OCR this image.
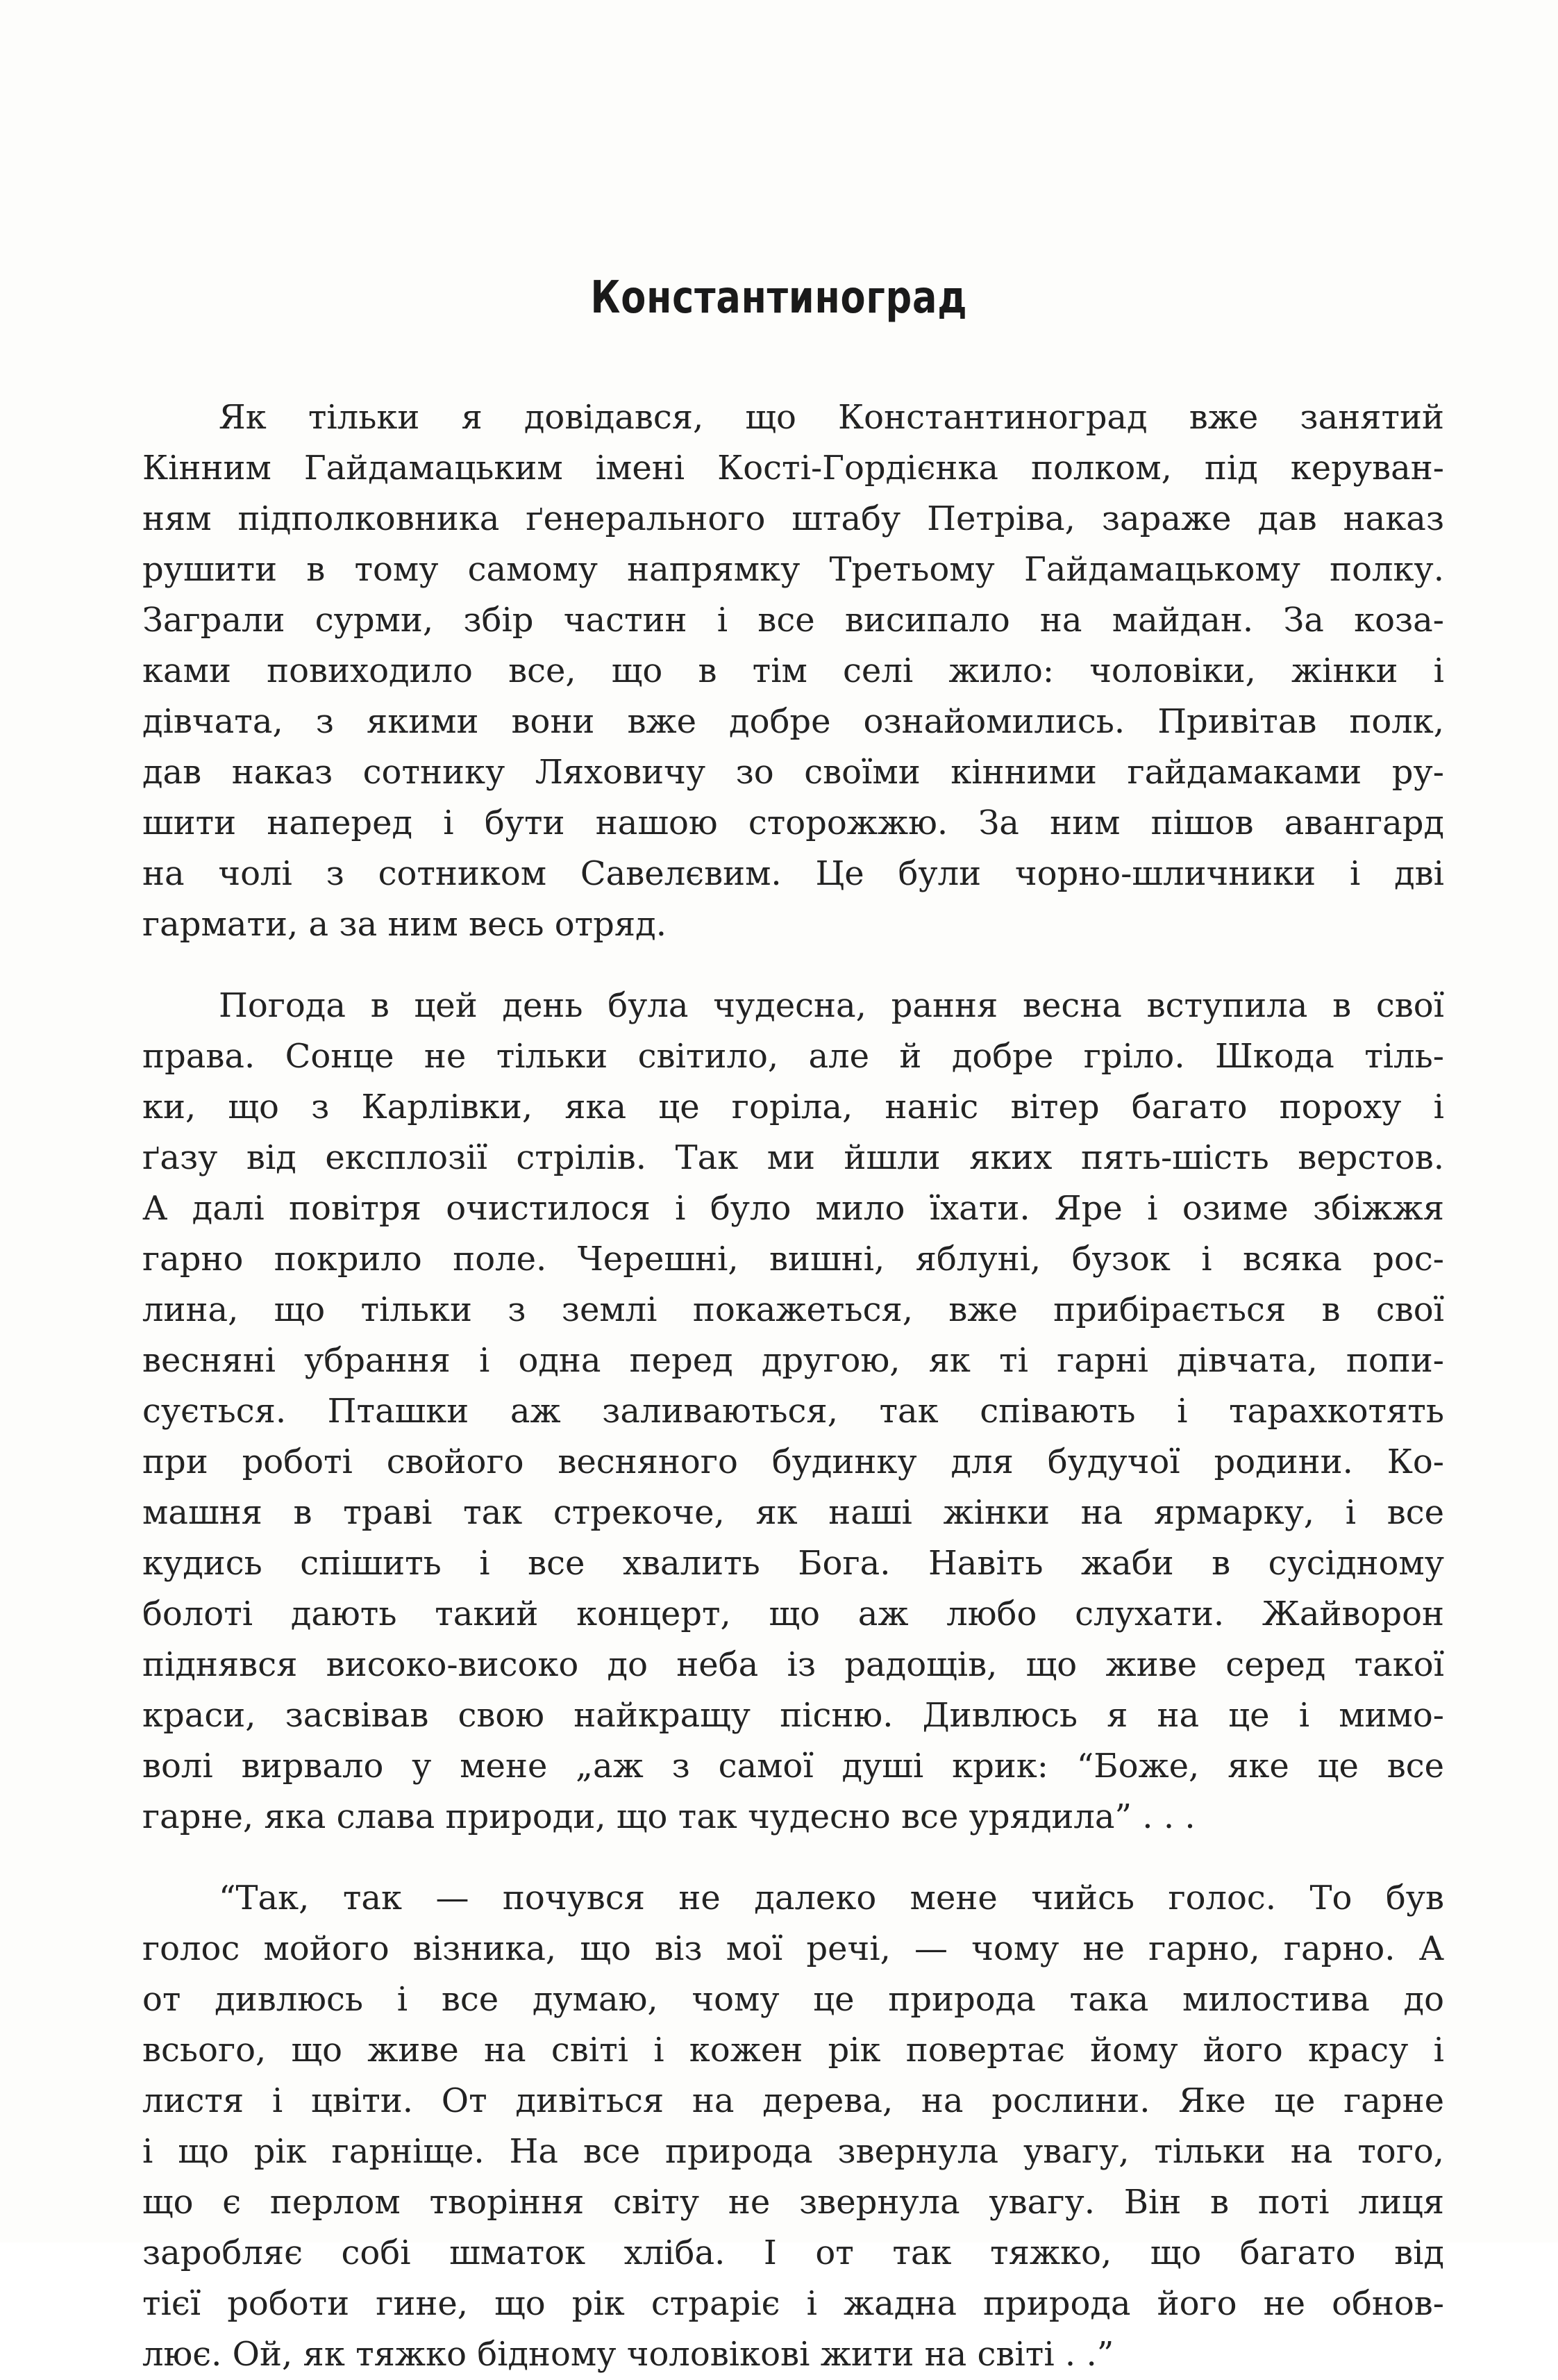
Константиноград
Як тільки я довідався, що Константиноград вже занятий
Кінним Гайдамацьким імені Кості-Гордієнка полком, під керуван-
ням підполковника ґенерального штабу Петріва, зараже дав наказ
рушити в тому самому напрямку Третьому Гайдамацькому полку.
Заграли сурми, збір частин і все висипало на майдан. За коза-
ками повиходило все, що в тім селі жило: чоловіки, жінки і
дівчата, з якими вони вже добре ознайомились. Привітав полк,
дав наказ сотнику Ляховичу зо своїми кінними гайдамаками ру-
шити наперед і бути нашою сторожжю. За ним пішов авангард
на чолі з сотником Савелєвим. Це були чорно-шличники і дві
гармати, а за ним весь отряд.
Погода в цей день була чудесна, рання весна вступила в свої
права. Сонце не тільки світило, але й добре гріло. Шкода тіль-
ки, що з Карлівки, яка це горіла, наніс вітер багато пороху і
ґазу від експлозії стрілів. Так ми йшли яких пять-шість верстов.
А далі повітря очистилося і було мило їхати. Яре і озиме збіжжя
гарно покрило поле. Черешні, вишні, яблуні, бузок і всяка рос-
лина, що тільки з землі покажеться, вже прибірається в свої
весняні убрання і одна перед другою, як ті гарні дівчата, попи-
сується. Пташки аж заливаються, так співають і тарахкотять
при роботі свойого весняного будинку для будучої родини. Ко-
машня в траві так стрекоче, як наші жінки на ярмарку, і все
кудись спішить і все хвалить Бога. Навіть жаби в сусідному
болоті дають такий концерт, що аж любо слухати. Жайворон
піднявся високо-високо до неба із радощів, що живе серед такої
краси, засвівав свою найкращу пісню. Дивлюсь я на це і мимо-
волі вирвало у мене „аж з самої душі крик: “Боже, яке це все
гарне, яка слава природи, що так чудесно все урядила” . . .
“Так, так — почувся не далеко мене чийсь голос. То був
голос мойого візника, що віз мої речі, — чому не гарно, гарно. А
от дивлюсь і все думаю, чому це природа така милостива до
всього, що живе на світі і кожен рік повертає йому його красу і
листя і цвіти. От дивіться на дерева, на рослини. Яке це гарне
і що рік гарніще. На все природа звернула увагу, тільки на того,
що є перлом творіння світу не звернула увагу. Він в поті лиця
заробляє собі шматок хліба. І от так тяжко, що багато від
тієї роботи гине, що рік страріє і жадна природа його не обнов-
лює. Ой, як тяжко бідному чоловікові жити на світі . .”
